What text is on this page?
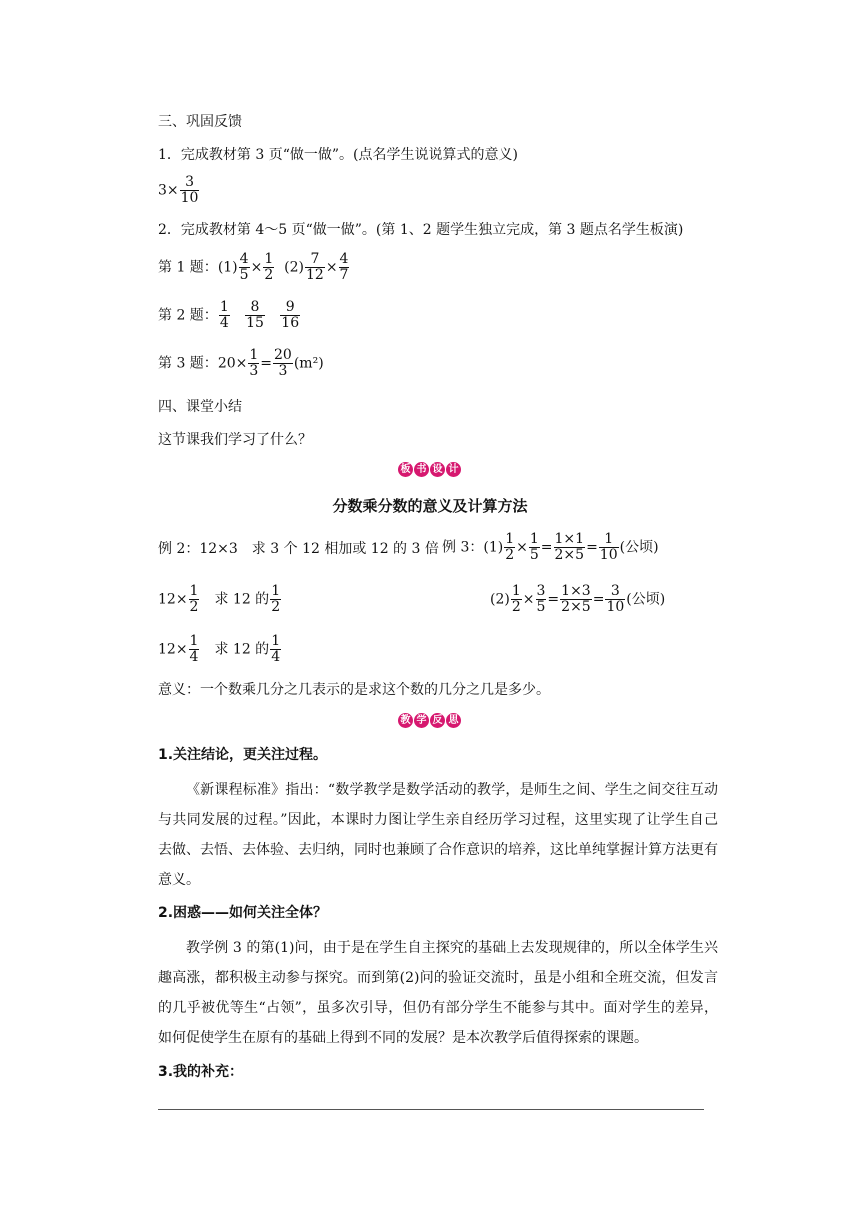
三、巩固反馈
1．完成教材第 3 页“做一做”。(点名学生说说算式的意义)
$3\times \frac{3}{10}$
2．完成教材第 4～5 页“做一做”。(第 1、2 题学生独立完成，第 3 题点名学生板演)
第 1 题：$(1) \frac{4}{5} \times \frac{1}{2} (2) \frac{7}{12} \times \frac{4}{7}$
第 2 题： $\frac{1}{4}$
$\frac{8}{15}$
$\frac{9}{16}$
第 3 题：$20\times \frac{1}{3} = \frac{20}{3} (m^2)$
四、课堂小结
这节课我们学习了什么？
板 书 设 计
分数乘分数的意义及计算方法
例 2：12×3　求 3 个 12 相加或 12 的 3 倍 例 3：$(1) \frac{1}{2} \times \frac{1}{5} = \frac{1\times 1}{2\times 5} = \frac{1}{10}$ (公顷)
$12\times \frac{1}{2}$ 　求 12 的 $\frac{1}{2}$	$(2) \frac{1}{2} \times \frac{3}{5} = \frac{1\times 3}{2\times 5} = \frac{3}{10}$ (公顷)
$12\times \frac{1}{4}$ 　求 12 的 $\frac{1}{4}$
意义：一个数乘几分之几表示的是求这个数的几分之几是多少。
教 学 反 思
1.关注结论，更关注过程。
《新课程标准》指出：“数学教学是数学活动的教学，是师生之间、学生之间交往互动与共同发展的过程。”因此，本课时力图让学生亲自经历学习过程，这里实现了让学生自己去做、去悟、去体验、去归纳，同时也兼顾了合作意识的培养，这比单纯掌握计算方法更有意义。
2.困惑——如何关注全体？
教学例 3 的第(1)问，由于是在学生自主探究的基础上去发现规律的，所以全体学生兴趣高涨，都积极主动参与探究。而到第(2)问的验证交流时，虽是小组和全班交流，但发言的几乎被优等生“占领”，虽多次引导，但仍有部分学生不能参与其中。面对学生的差异，如何促使学生在原有的基础上得到不同的发展？是本次教学后值得探索的课题。
3.我的补充：
